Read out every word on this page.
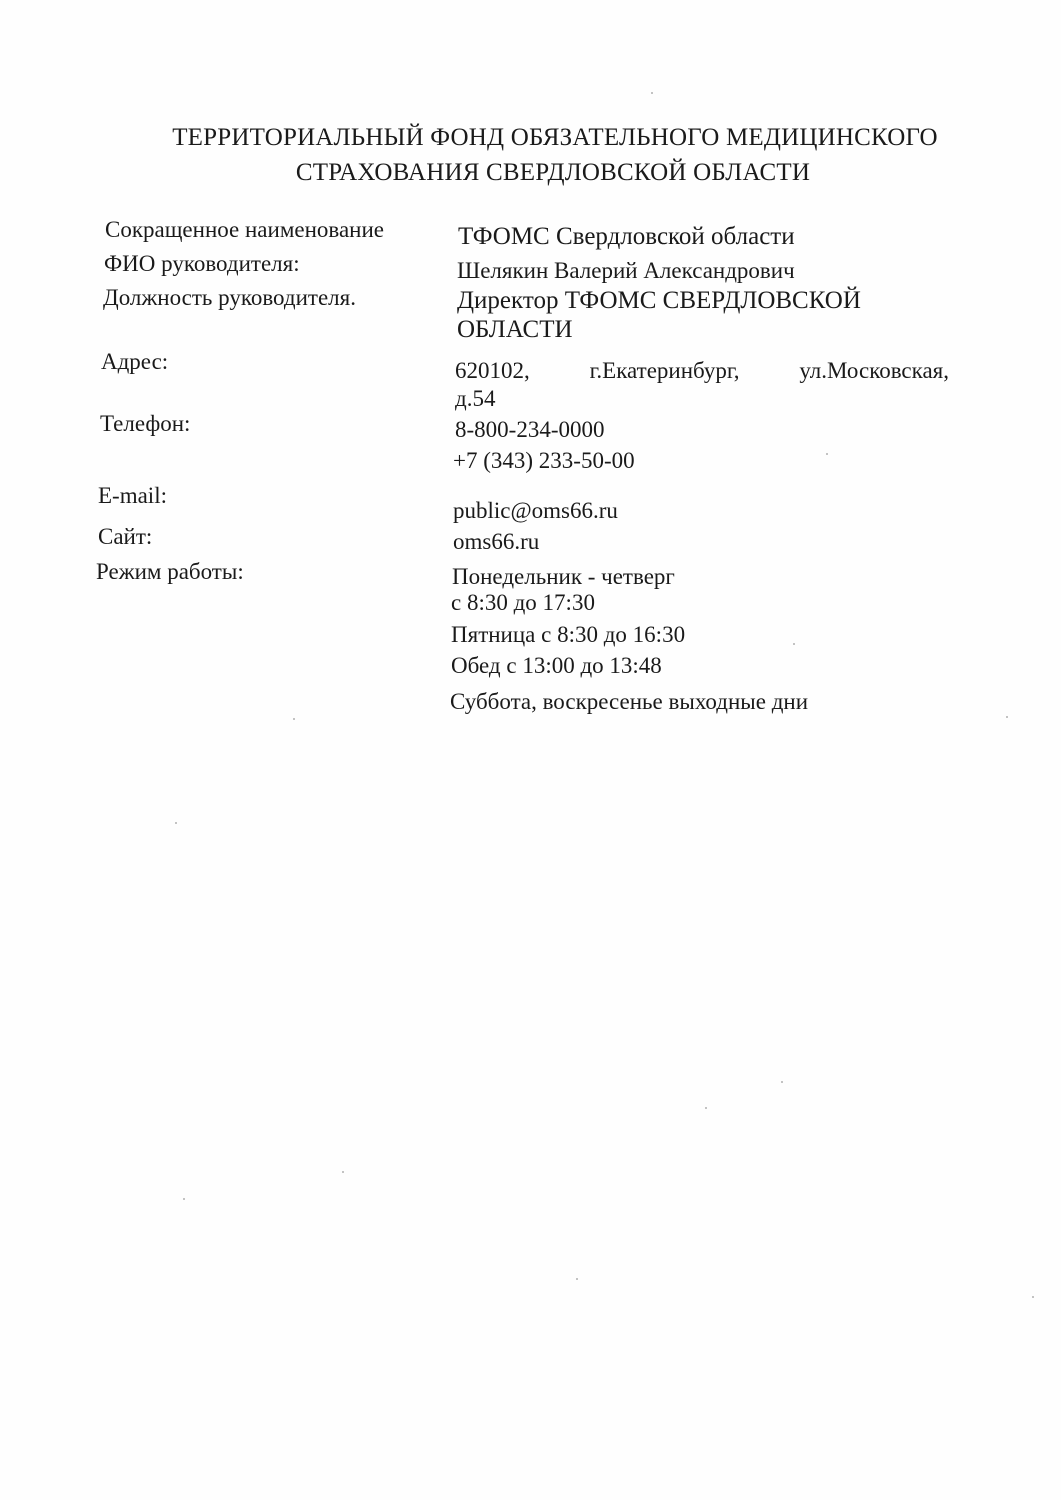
ТЕРРИТОРИАЛЬНЫЙ ФОНД ОБЯЗАТЕЛЬНОГО МЕДИЦИНСКОГО
СТРАХОВАНИЯ СВЕРДЛОВСКОЙ ОБЛАСТИ
Сокращенное наименование
ФИО руководителя:
Должность руководителя.
Адрес:
Телефон:
E-mail:
Сайт:
Режим работы:
ТФОМС Свердловской области
Шелякин Валерий Александрович
Директор ТФОМС СВЕРДЛОВСКОЙ
ОБЛАСТИ
620102,	г.Екатеринбург,	ул.Московская,
д.54
8-800-234-0000
+7 (343) 233-50-00
public@oms66.ru
oms66.ru
Понедельник - четверг
с 8:30 до 17:30
Пятница с 8:30 до 16:30
Обед с 13:00 до 13:48
Суббота, воскресенье выходные дни
